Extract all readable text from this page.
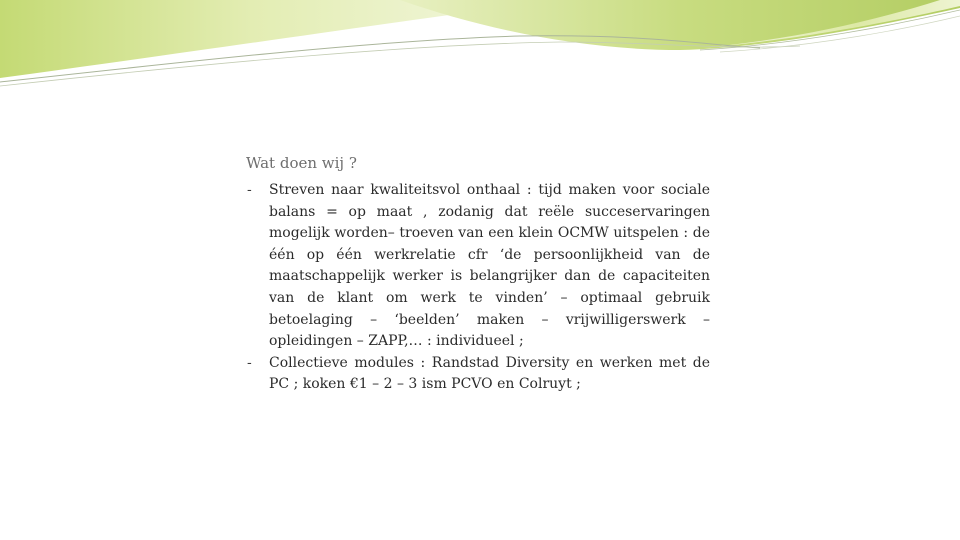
Wat doen wij ?
- Streven naar kwaliteitsvol onthaal : tijd maken voor sociale balans = op maat , zodanig dat reële succeservaringen mogelijk worden– troeven van een klein OCMW uitspelen : de één op één werkrelatie cfr ‘de persoonlijkheid van de maatschappelijk werker is belangrijker dan de capaciteiten van de klant om werk te vinden’ – optimaal gebruik betoelaging – ‘beelden’ maken – vrijwilligerswerk – opleidingen – ZAPP,… : individueel ;
- Collectieve modules : Randstad Diversity en werken met de PC ; koken €1 – 2 – 3 ism PCVO en Colruyt ;
